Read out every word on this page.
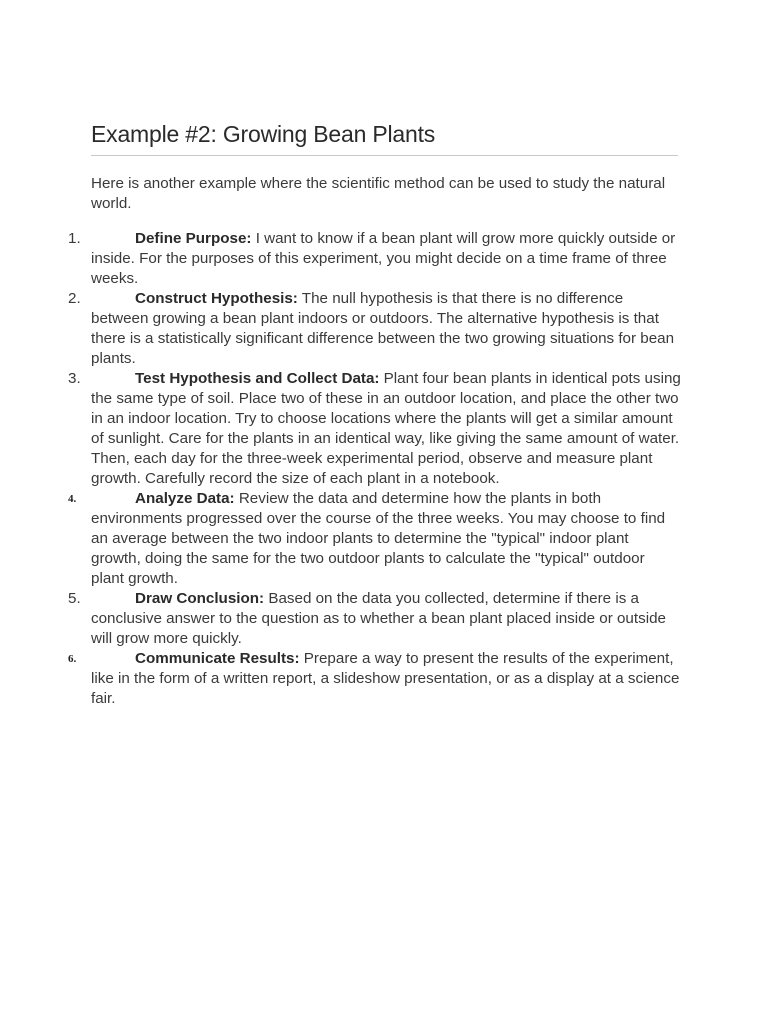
Example #2: Growing Bean Plants

Here is another example where the scientific method can be used to study the natural world.

1.	Define Purpose: I want to know if a bean plant will grow more quickly outside or inside. For the purposes of this experiment, you might decide on a time frame of three weeks.
2.	Construct Hypothesis: The null hypothesis is that there is no difference between growing a bean plant indoors or outdoors. The alternative hypothesis is that there is a statistically significant difference between the two growing situations for bean plants.
3.	Test Hypothesis and Collect Data: Plant four bean plants in identical pots using the same type of soil. Place two of these in an outdoor location, and place the other two in an indoor location. Try to choose locations where the plants will get a similar amount of sunlight. Care for the plants in an identical way, like giving the same amount of water. Then, each day for the three-week experimental period, observe and measure plant growth. Carefully record the size of each plant in a notebook.
4.	Analyze Data: Review the data and determine how the plants in both environments progressed over the course of the three weeks. You may choose to find an average between the two indoor plants to determine the "typical" indoor plant growth, doing the same for the two outdoor plants to calculate the "typical" outdoor plant growth.
5.	Draw Conclusion: Based on the data you collected, determine if there is a conclusive answer to the question as to whether a bean plant placed inside or outside will grow more quickly.
6.	Communicate Results: Prepare a way to present the results of the experiment, like in the form of a written report, a slideshow presentation, or as a display at a science fair.
